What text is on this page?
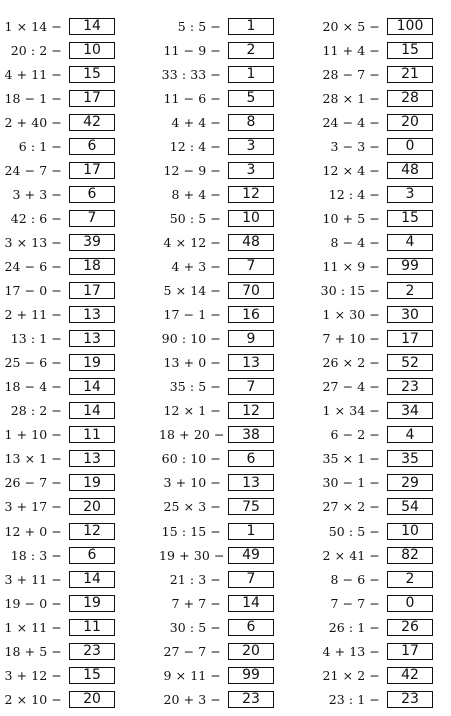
1 × 14 −	14
20 : 2 −	10
4 + 11 −	15
18 − 1 −	17
2 + 40 −	42
6 : 1 −	6
24 − 7 −	17
3 + 3 −	6
42 : 6 −	7
3 × 13 −	39
24 − 6 −	18
17 − 0 −	17
2 + 11 −	13
13 : 1 −	13
25 − 6 −	19
18 − 4 −	14
28 : 2 −	14
1 + 10 −	11
13 × 1 −	13
26 − 7 −	19
3 + 17 −	20
12 + 0 −	12
18 : 3 −	6
3 + 11 −	14
19 − 0 −	19
1 × 11 −	11
18 + 5 −	23
3 + 12 −	15
2 × 10 −	20
5 : 5 −	1
11 − 9 −	2
33 : 33 −	1
11 − 6 −	5
4 + 4 −	8
12 : 4 −	3
12 − 9 −	3
8 + 4 −	12
50 : 5 −	10
4 × 12 −	48
4 + 3 −	7
5 × 14 −	70
17 − 1 −	16
90 : 10 −	9
13 + 0 −	13
35 : 5 −	7
12 × 1 −	12
18 + 20 −	38
60 : 10 −	6
3 + 10 −	13
25 × 3 −	75
15 : 15 −	1
19 + 30 −	49
21 : 3 −	7
7 + 7 −	14
30 : 5 −	6
27 − 7 −	20
9 × 11 −	99
20 + 3 −	23
20 × 5 −	100
11 + 4 −	15
28 − 7 −	21
28 × 1 −	28
24 − 4 −	20
3 − 3 −	0
12 × 4 −	48
12 : 4 −	3
10 + 5 −	15
8 − 4 −	4
11 × 9 −	99
30 : 15 −	2
1 × 30 −	30
7 + 10 −	17
26 × 2 −	52
27 − 4 −	23
1 × 34 −	34
6 − 2 −	4
35 × 1 −	35
30 − 1 −	29
27 × 2 −	54
50 : 5 −	10
2 × 41 −	82
8 − 6 −	2
7 − 7 −	0
26 : 1 −	26
4 + 13 −	17
21 × 2 −	42
23 : 1 −	23
